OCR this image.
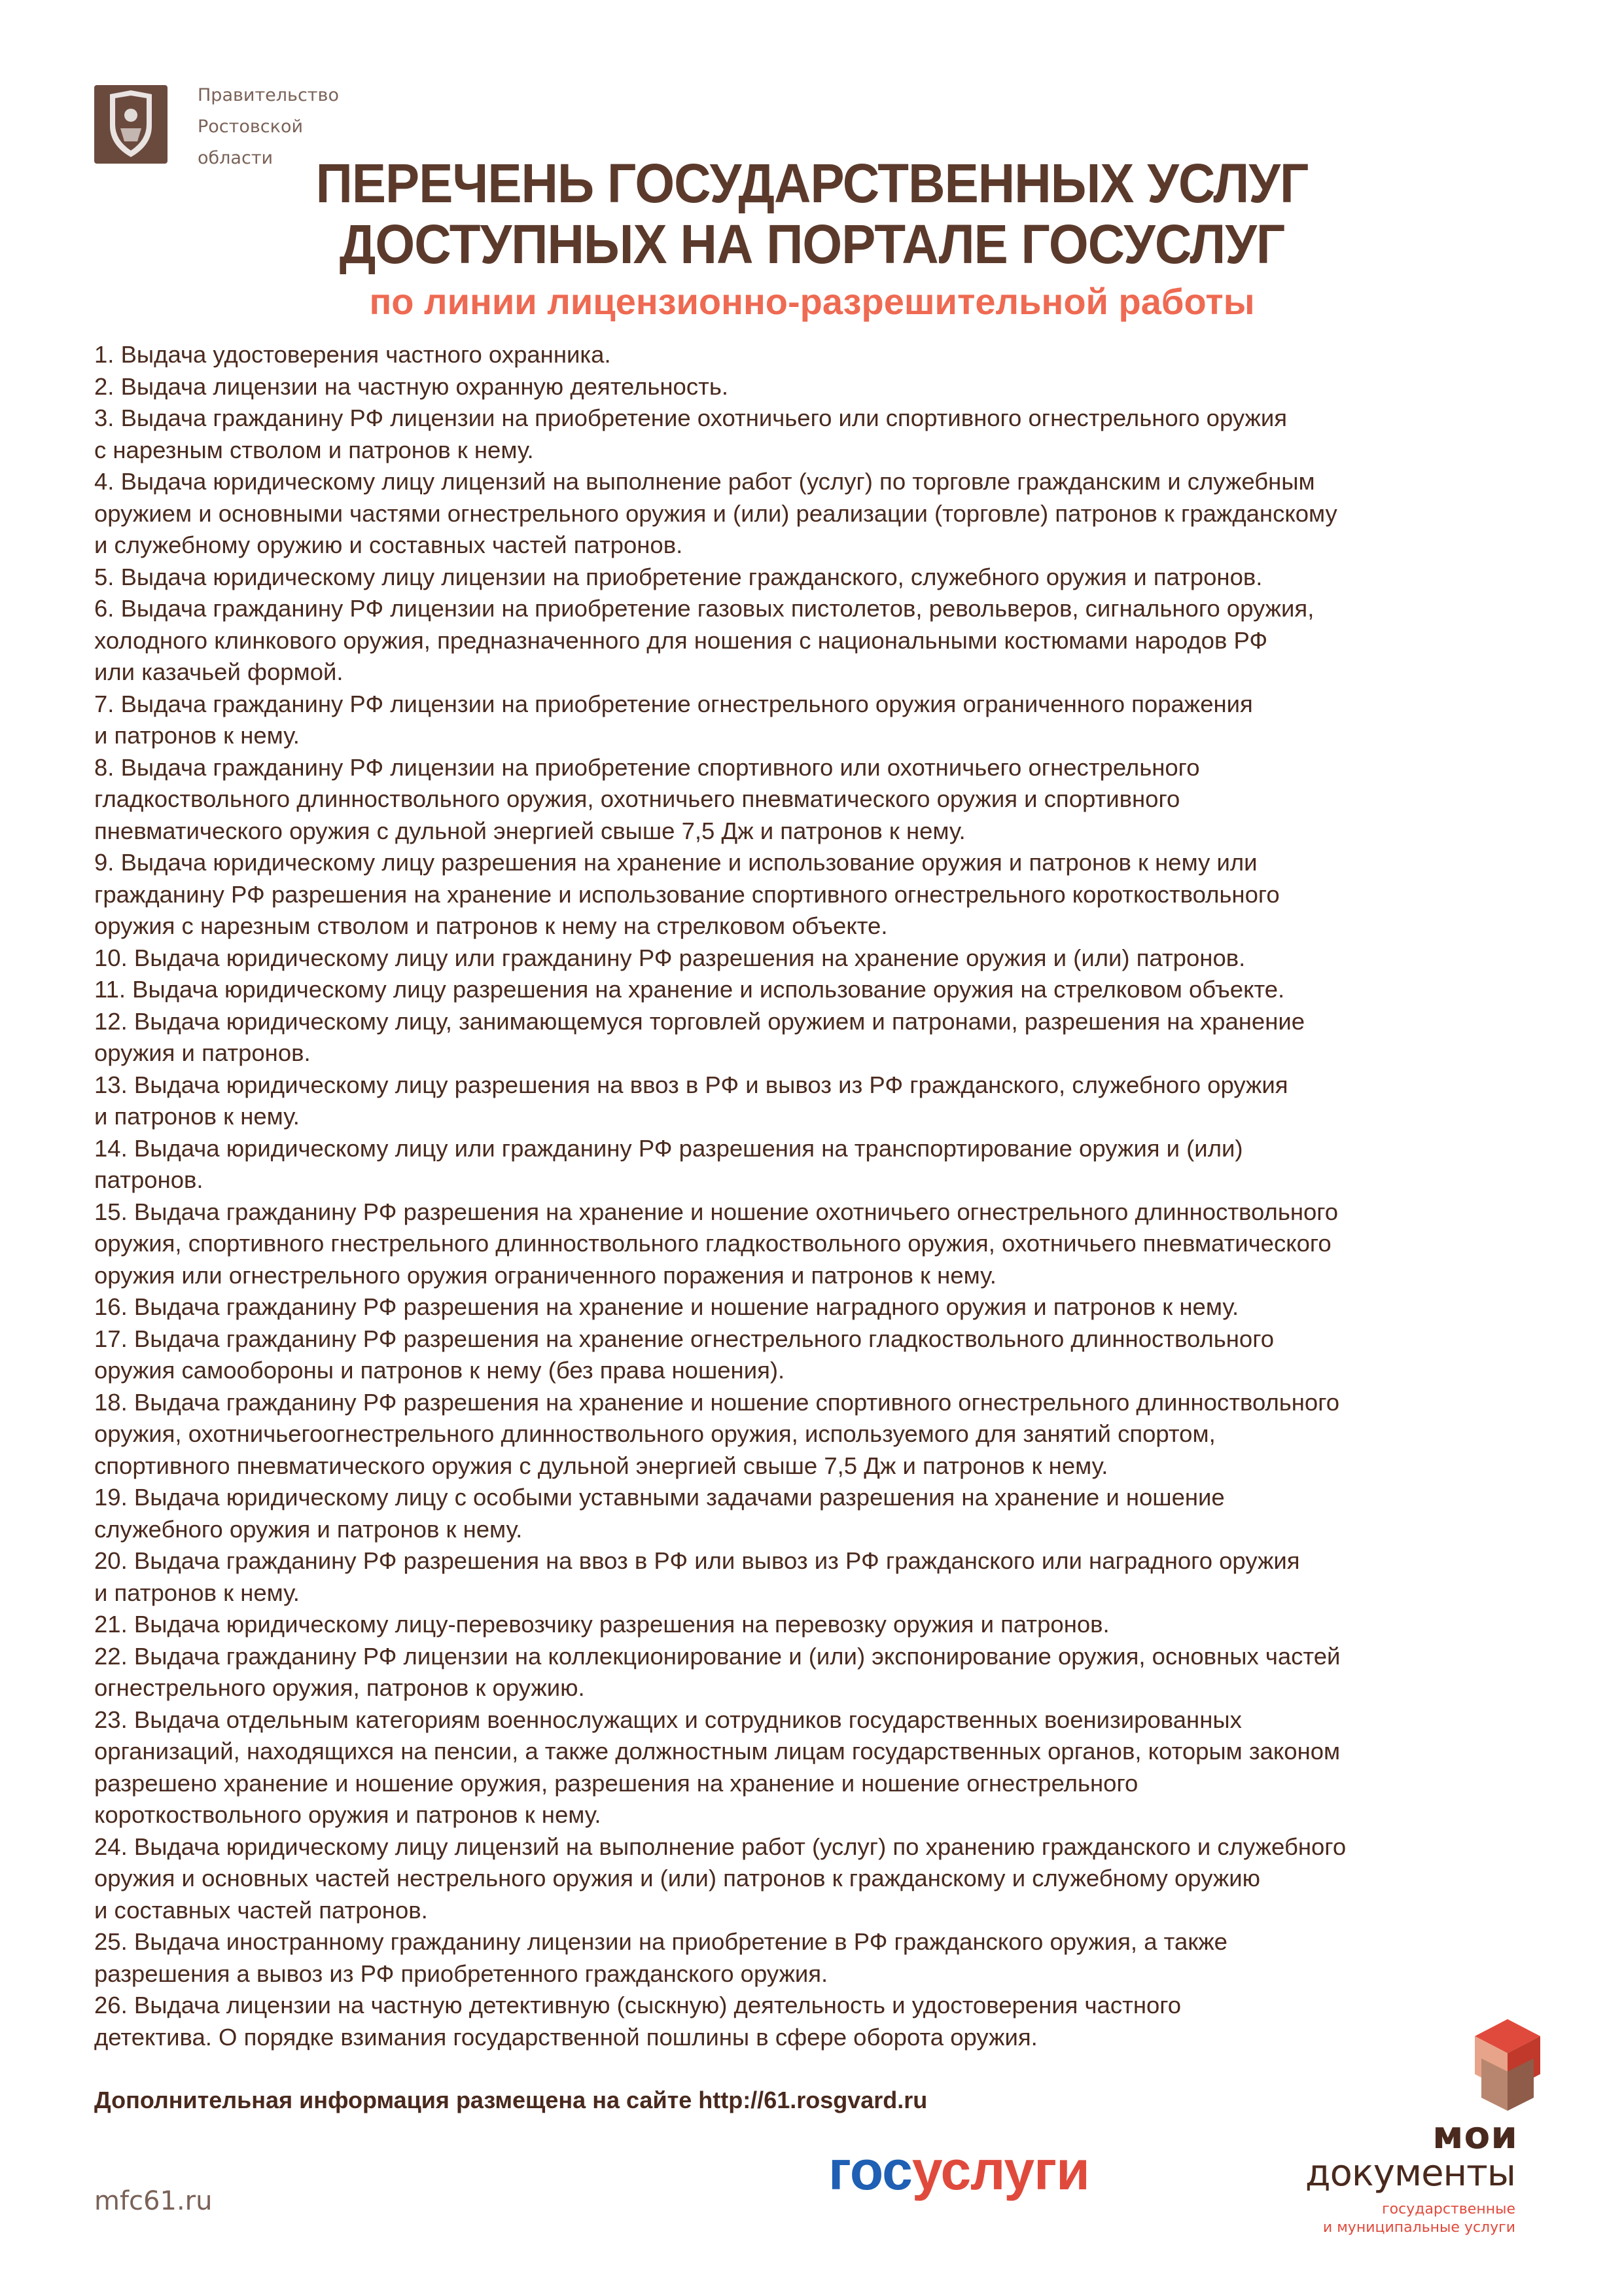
Правительство
Ростовской
области ПЕРЕЧЕНЬ ГОСУДАРСТВЕННЫХ УСЛУГ
ДОСТУПНЫХ НА ПОРТАЛЕ ГОСУСЛУГ
по линии лицензионно-разрешительной работы
1. Выдача удостоверения частного охранника.
2. Выдача лицензии на частную охранную деятельность.
3. Выдача гражданину РФ лицензии на приобретение охотничьего или спортивного огнестрельного оружия
с нарезным стволом и патронов к нему.
4. Выдача юридическому лицу лицензий на выполнение работ (услуг) по торговле гражданским и служебным
оружием и основными частями огнестрельного оружия и (или) реализации (торговле) патронов к гражданскому
и служебному оружию и составных частей патронов.
5. Выдача юридическому лицу лицензии на приобретение гражданского, служебного оружия и патронов.
6. Выдача гражданину РФ лицензии на приобретение газовых пистолетов, револьверов, сигнального оружия,
холодного клинкового оружия, предназначенного для ношения с национальными костюмами народов РФ
или казачьей формой.
7. Выдача гражданину РФ лицензии на приобретение огнестрельного оружия ограниченного поражения
и патронов к нему.
8. Выдача гражданину РФ лицензии на приобретение спортивного или охотничьего огнестрельного
гладкоствольного длинноствольного оружия, охотничьего пневматического оружия и спортивного
пневматического оружия с дульной энергией свыше 7,5 Дж и патронов к нему.
9. Выдача юридическому лицу разрешения на хранение и использование оружия и патронов к нему или
гражданину РФ разрешения на хранение и использование спортивного огнестрельного короткоствольного
оружия с нарезным стволом и патронов к нему на стрелковом объекте.
10. Выдача юридическому лицу или гражданину РФ разрешения на хранение оружия и (или) патронов.
11. Выдача юридическому лицу разрешения на хранение и использование оружия на стрелковом объекте.
12. Выдача юридическому лицу, занимающемуся торговлей оружием и патронами, разрешения на хранение
оружия и патронов.
13. Выдача юридическому лицу разрешения на ввоз в РФ и вывоз из РФ гражданского, служебного оружия
и патронов к нему.
14. Выдача юридическому лицу или гражданину РФ разрешения на транспортирование оружия и (или)
патронов.
15. Выдача гражданину РФ разрешения на хранение и ношение охотничьего огнестрельного длинноствольного
оружия, спортивного гнестрельного длинноствольного гладкоствольного оружия, охотничьего пневматического
оружия или огнестрельного оружия ограниченного поражения и патронов к нему.
16. Выдача гражданину РФ разрешения на хранение и ношение наградного оружия и патронов к нему.
17. Выдача гражданину РФ разрешения на хранение огнестрельного гладкоствольного длинноствольного
оружия самообороны и патронов к нему (без права ношения).
18. Выдача гражданину РФ разрешения на хранение и ношение спортивного огнестрельного длинноствольного
оружия, охотничьегоогнестрельного длинноствольного оружия, используемого для занятий спортом,
спортивного пневматического оружия с дульной энергией свыше 7,5 Дж и патронов к нему.
19. Выдача юридическому лицу с особыми уставными задачами разрешения на хранение и ношение
служебного оружия и патронов к нему.
20. Выдача гражданину РФ разрешения на ввоз в РФ или вывоз из РФ гражданского или наградного оружия
и патронов к нему.
21. Выдача юридическому лицу-перевозчику разрешения на перевозку оружия и патронов.
22. Выдача гражданину РФ лицензии на коллекционирование и (или) экспонирование оружия, основных частей
огнестрельного оружия, патронов к оружию.
23. Выдача отдельным категориям военнослужащих и сотрудников государственных военизированных
организаций, находящихся на пенсии, а также должностным лицам государственных органов, которым законом
разрешено хранение и ношение оружия, разрешения на хранение и ношение огнестрельного
короткоствольного оружия и патронов к нему.
24. Выдача юридическому лицу лицензий на выполнение работ (услуг) по хранению гражданского и служебного
оружия и основных частей нестрельного оружия и (или) патронов к гражданскому и служебному оружию
и составных частей патронов.
25. Выдача иностранному гражданину лицензии на приобретение в РФ гражданского оружия, а также
разрешения а вывоз из РФ приобретенного гражданского оружия.
26. Выдача лицензии на частную детективную (сыскную) деятельность и удостоверения частного
детектива. О порядке взимания государственной пошлины в сфере оборота оружия.
Дополнительная информация размещена на сайте http://61.rosgvard.ru
mfc61.ru	госуслуги
мои
документы
государственные
и муниципальные услуги
